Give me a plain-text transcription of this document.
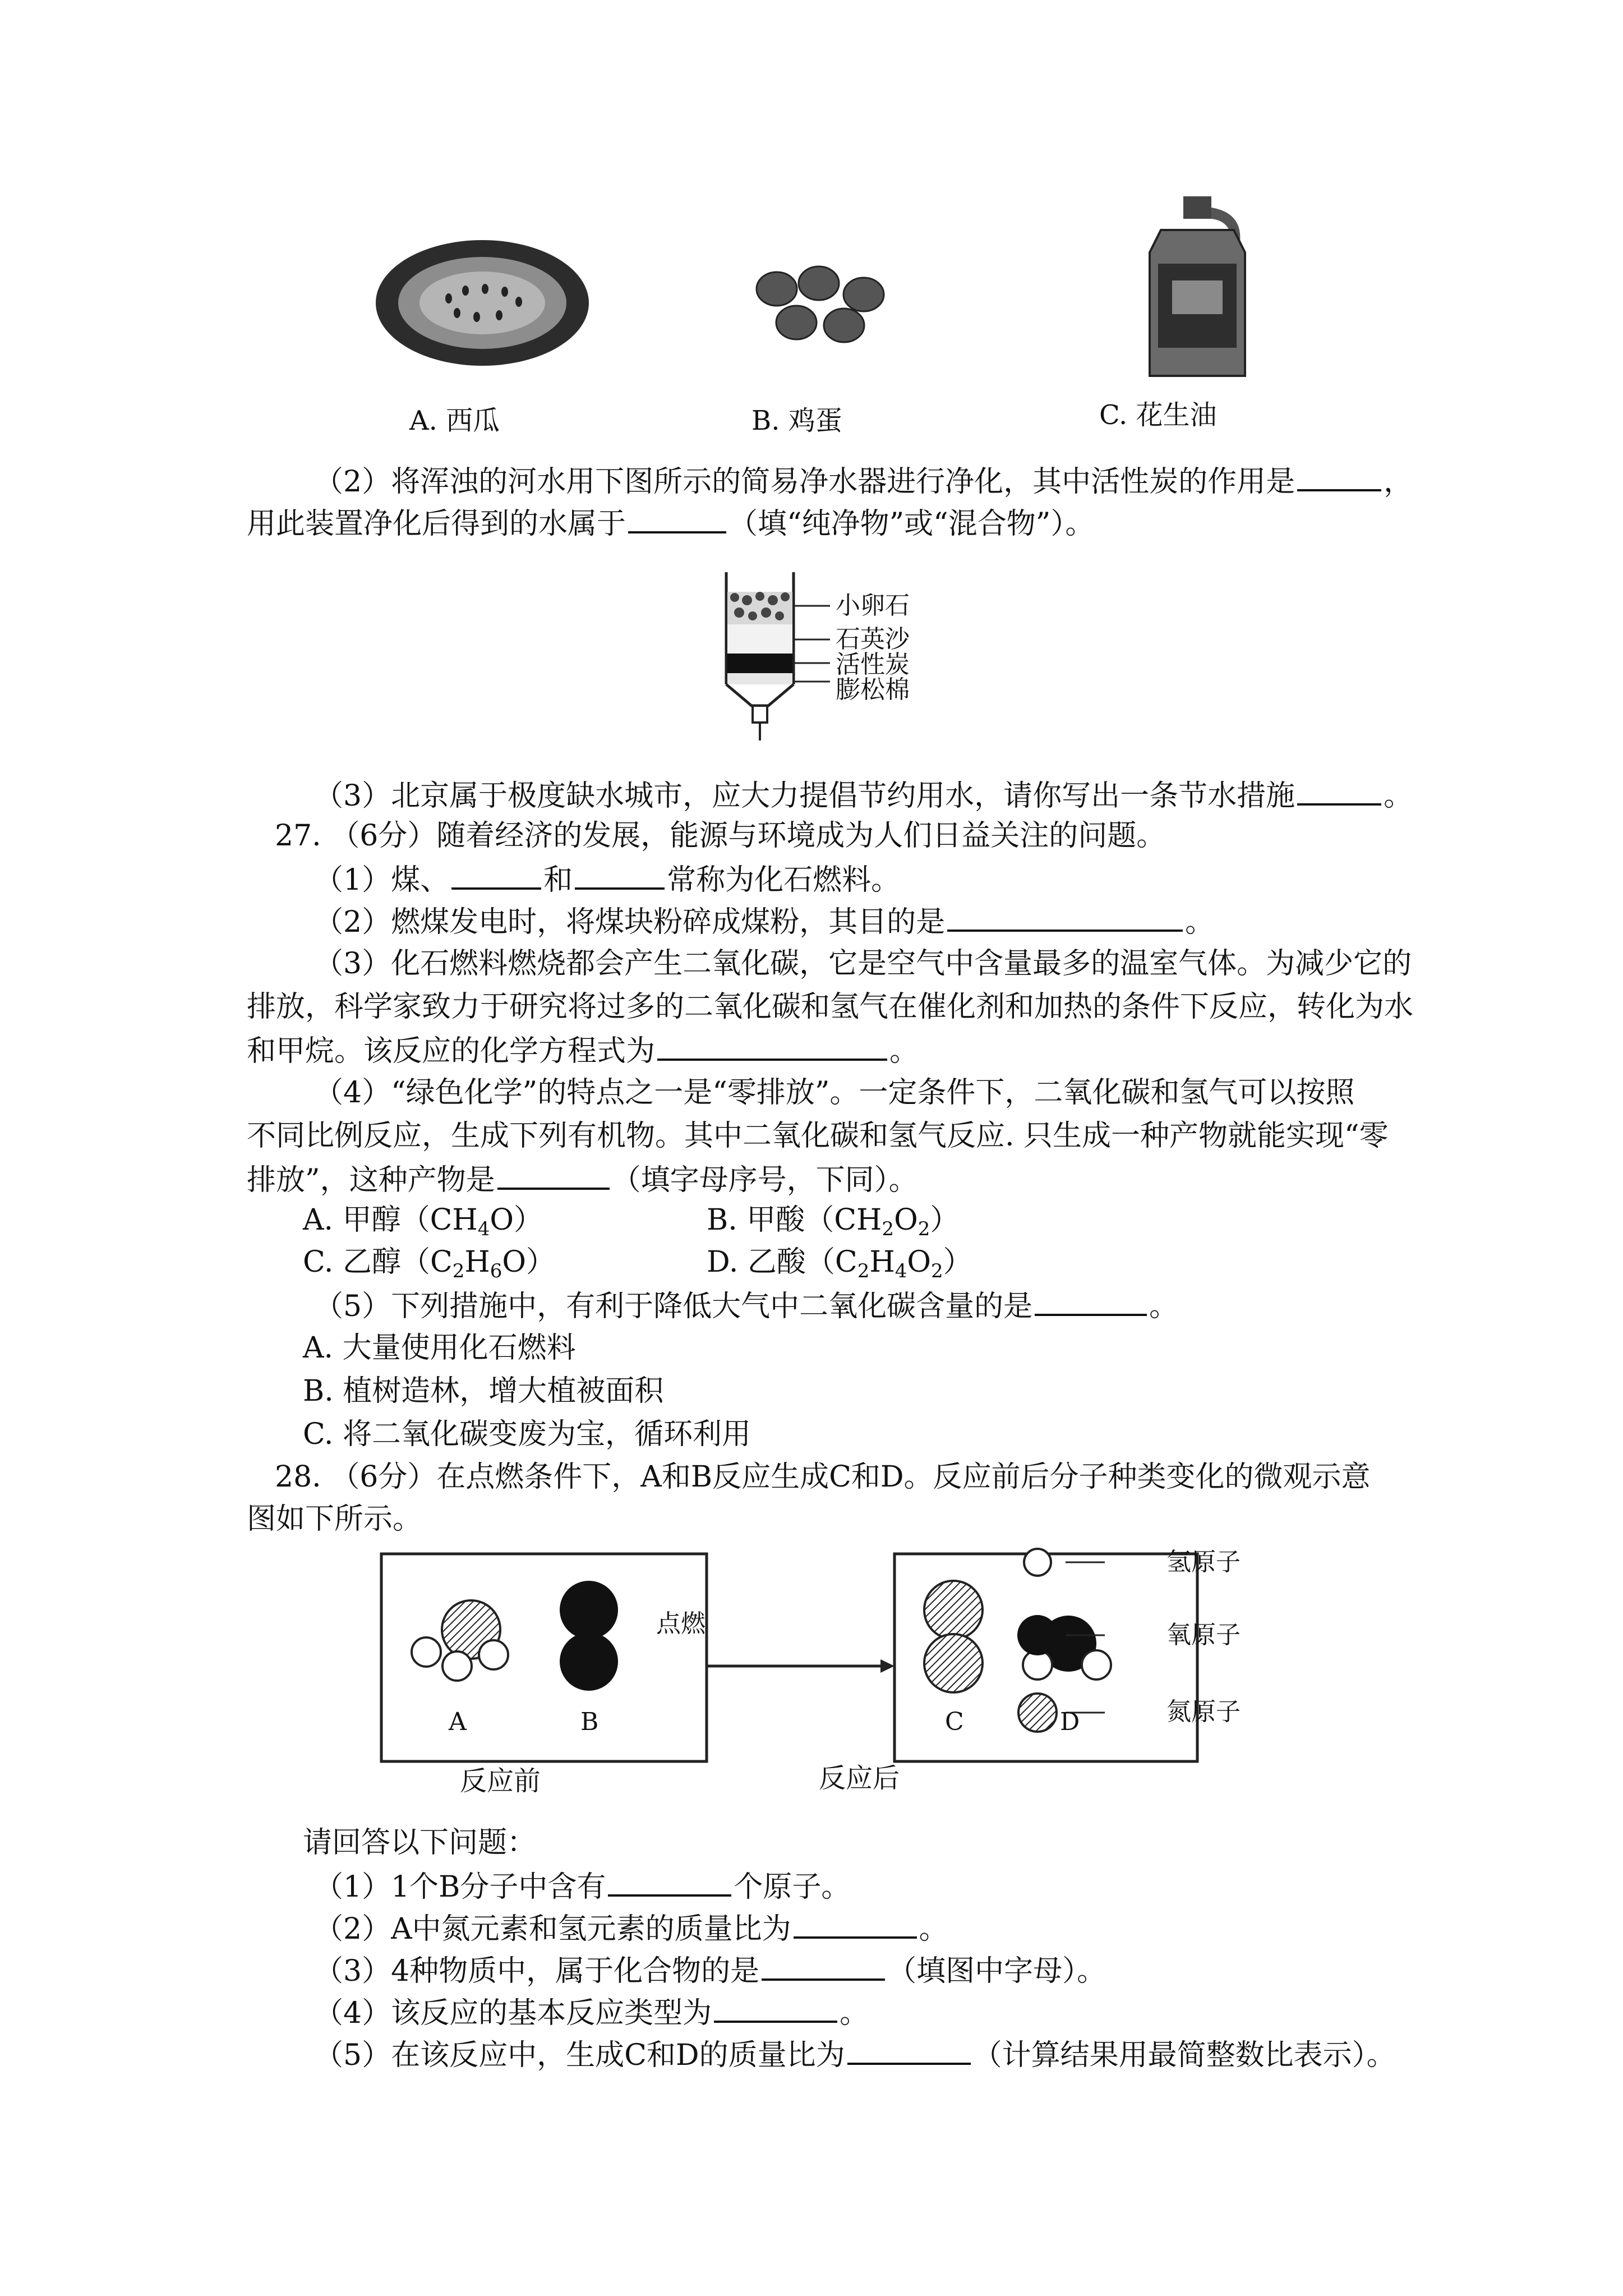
A. 西瓜	B. 鸡蛋	C. 花生油
（2）将浑浊的河水用下图所示的简易净水器进行净化，其中活性炭的作用是	，
用此装置净化后得到的水属于	（填“纯净物”或“混合物”）。
小卵石
石英沙
活性炭
膨松棉
（3）北京属于极度缺水城市，应大力提倡节约用水，请你写出一条节水措施	。
27. （6分）随着经济的发展，能源与环境成为人们日益关注的问题。
（1）煤、	和	常称为化石燃料。
（2）燃煤发电时，将煤块粉碎成煤粉，其目的是	。
（3）化石燃料燃烧都会产生二氧化碳，它是空气中含量最多的温室气体。为减少它的
排放，科学家致力于研究将过多的二氧化碳和氢气在催化剂和加热的条件下反应，转化为水
和甲烷。该反应的化学方程式为	。
（4）“绿色化学”的特点之一是“零排放”。一定条件下，二氧化碳和氢气可以按照
不同比例反应，生成下列有机物。其中二氧化碳和氢气反应. 只生成一种产物就能实现“零
排放”，这种产物是	（填字母序号，下同）。
A. 甲醇$(CH_4O)$	B. 甲酸$(CH_2O_2)$
C. 乙醇$(C_2H_6O)$	D. 乙酸$(C_2H_4O_2)$
（5）下列措施中，有利于降低大气中二氧化碳含量的是	。
A. 大量使用化石燃料
B. 植树造林，增大植被面积
C. 将二氧化碳变废为宝，循环利用
28. （6分）在点燃条件下，A和B反应生成C和D。反应前后分子种类变化的微观示意
图如下所示。
点燃
A	B	C	D
反应前	反应后
氢原子
氧原子
氮原子
请回答以下问题：
（1）1个B分子中含有	个原子。
（2）A中氮元素和氢元素的质量比为	。
（3）4种物质中，属于化合物的是	（填图中字母）。
（4）该反应的基本反应类型为	。
（5）在该反应中，生成C和D的质量比为	（计算结果用最简整数比表示）。
